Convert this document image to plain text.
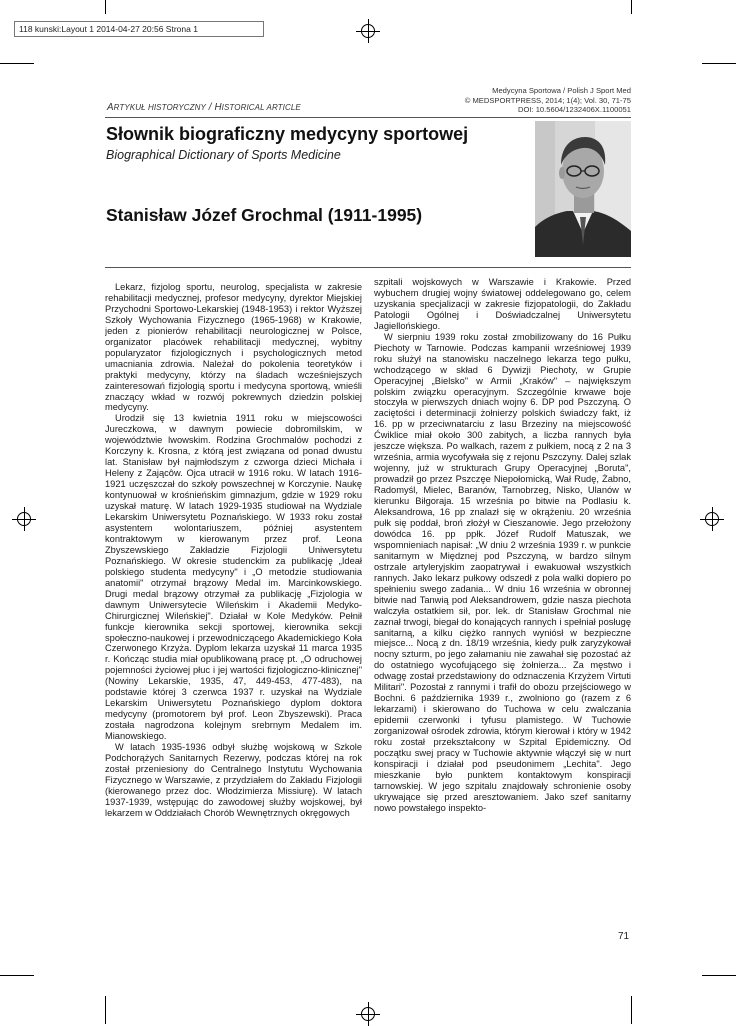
118 kunski:Layout 1 2014-04-27 20:56 Strona 1
Medycyna Sportowa / Polish J Sport Med
© MEDSPORTPRESS, 2014; 1(4); Vol. 30, 71-75
DOI: 10.5604/1232406X.1100051
ARTYKUŁ HISTORYCZNY / HISTORICAL ARTICLE
Słownik biograficzny medycyny sportowej
Biographical Dictionary of Sports Medicine
Stanisław Józef Grochmal (1911-1995)

Lekarz, fizjolog sportu, neurolog, specjalista w zakresie rehabilitacji medycznej, profesor medycyny, dyrektor Miejskiej Przychodni Sportowo-Lekarskiej (1948-1953) i rektor Wyższej Szkoły Wychowania Fizycznego (1965-1968) w Krakowie, jeden z pionierów rehabilitacji neurologicznej w Polsce, organizator placówek rehabilitacji medycznej, wybitny popularyzator fizjologicznych i psychologicznych metod umacniania zdrowia. Należał do pokolenia teoretyków i praktyki medycyny, którzy na śladach wcześniejszych zainteresowań fizjologią sportu i medycyna sportową, wnieśli znaczący wkład w rozwój pokrewnych dziedzin polskiej medycyny.

Urodził się 13 kwietnia 1911 roku w miejscowości Jureczkowa, w dawnym powiecie dobromilskim, w województwie lwowskim. Rodzina Grochmalów pochodzi z Korczyny k. Krosna, z którą jest związana od ponad dwustu lat. Stanisław był najmłodszym z czworga dzieci Michała i Heleny z Zającôw. Ojca utracił w 1916 roku. W latach 1916-1921 uczęszczał do szkoły powszechnej w Korczynie. Naukę kontynuował w krośnieńskim gimnazjum, gdzie w 1929 roku uzyskał maturę. W latach 1929-1935 studiował na Wydziale Lekarskim Uniwersytetu Poznańskiego. W 1933 roku został asystentem wolontariuszem, później asystentem kontraktowym w kierowanym przez prof. Leona Zbyszewskiego Zakładzie Fizjologii Uniwersytetu Poznańskiego. W okresie studenckim za publikację „Ideał polskiego studenta medycyny" i „O metodzie studiowania anatomii" otrzymał brązowy Medal im. Marcinkowskiego. Drugi medal brązowy otrzymał za publikację „Fizjologia w dawnym Uniwersytecie Wileńskim i Akademii Medyko-Chirurgicznej Wileńskiej". Działał w Kole Medyków. Pełnił funkcje kierownika sekcji sportowej, kierownika sekcji społeczno-naukowej i przewodniczącego Akademickiego Koła Czerwonego Krzyża. Dyplom lekarza uzyskał 11 marca 1935 r. Kończąc studia miał opublikowaną pracę pt. „O odruchowej pojemności życiowej płuc i jej wartości fizjologiczno-klinicznej" (Nowiny Lekarskie, 1935, 47, 449-453, 477-483), na podstawie której 3 czerwca 1937 r. uzyskał na Wydziale Lekarskim Uniwersytetu Poznańskiego dyplom doktora medycyny (promotorem był prof. Leon Zbyszewski). Praca została nagrodzona kolejnym srebrnym Medalem im. Mianowskiego.

W latach 1935-1936 odbył służbę wojskową w Szkole Podchorążych Sanitarnych Rezerwy, podczas której na rok został przeniesiony do Centralnego Instytutu Wychowania Fizycznego w Warszawie, z przydziałem do Zakładu Fizjologii (kierowanego przez doc. Włodzimierza Missiurę). W latach 1937-1939, wstępując do zawodowej służby wojskowej, był lekarzem w Oddziałach Chorób Wewnętrznych okręgowych

szpitali wojskowych w Warszawie i Krakowie. Przed wybuchem drugiej wojny światowej oddelegowano go, celem uzyskania specjalizacji w zakresie fizjopatologii, do Zakładu Patologii Ogólnej i Doświadczalnej Uniwersytetu Jagiellońskiego.

W sierpniu 1939 roku został zmobilizowany do 16 Pułku Piechoty w Tarnowie. Podczas kampanii wrześniowej 1939 roku służył na stanowisku naczelnego lekarza tego pułku, wchodzącego w skład 6 Dywizji Piechoty, w Grupie Operacyjnej „Bielsko" w Armii „Kraków" – największym polskim związku operacyjnym. Szczególnie krwawe boje stoczyła w pierwszych dniach wojny 6. DP pod Pszczyną. O zaciętości i determinacji żołnierzy polskich świadczy fakt, iż 16. pp w przeciwnatarciu z lasu Brzeziny na miejscowość Ćwiklice miał około 300 zabitych, a liczba rannych była jeszcze większa. Po walkach, razem z pułkiem, nocą z 2 na 3 września, armia wycofywała się z rejonu Pszczyny. Dalej szlak wojenny, już w strukturach Grupy Operacyjnej „Boruta", prowadził go przez Pszczęe Niepołomicką, Wał Rudę, Żabno, Radomyśl, Mielec, Baranów, Tarnobrzeg, Nisko, Ulanów w kierunku Biłgoraja. 15 września po bitwie na Podlasiu k. Aleksandrowa, 16 pp znalazł się w okrążeniu. 20 września pułk się poddał, broń złożył w Cieszanowie. Jego przełożony dowódca 16. pp ppłk. Józef Rudolf Matuszak, we wspomnieniach napisał: „W dniu 2 września 1939 r. w punkcie sanitarnym w Międznej pod Pszczyną, w bardzo silnym ostrzale artyleryjskim zaopatrywał i ewakuował wszystkich rannych. Jako lekarz pułkowy odszedł z pola walki dopiero po spełnieniu swego zadania... W dniu 16 września w obronnej bitwie nad Tanwią pod Aleksandrowem, gdzie nasza piechota walczyła ostatkiem sił, por. lek. dr Stanisław Grochmal nie zaznał trwogi, biegał do konających rannych i spełniał posługę sanitarną, a kilku ciężko rannych wyniósł w bezpieczne miejsce... Nocą z dn. 18/19 września, kiedy pułk zaryzykował nocny szturm, po jego załamaniu nie zawahał się pozostać aż do ostatniego wycofującego się żołnierza... Za męstwo i odwagę został przedstawiony do odznaczenia Krzyżem Virtuti Militari". Pozostał z rannymi i trafił do obozu przejściowego w Bochni. 6 października 1939 r., zwolniono go (razem z 6 lekarzami) i skierowano do Tuchowa w celu zwalczania epidemii czerwonki i tyfusu plamistego. W Tuchowie zorganizował ośrodek zdrowia, którym kierował i który w 1942 roku został przekształcony w Szpital Epidemiczny. Od początku swej pracy w Tuchowie aktywnie włączył się w nurt konspiracji i działał pod pseudonimem „Lechita". Jego mieszkanie było punktem kontaktowym konspiracji tarnowskiej. W jego szpitalu znajdowały schronienie osoby ukrywające się przed aresztowaniem. Jako szef sanitarny nowo powstałego inspekto-

71
